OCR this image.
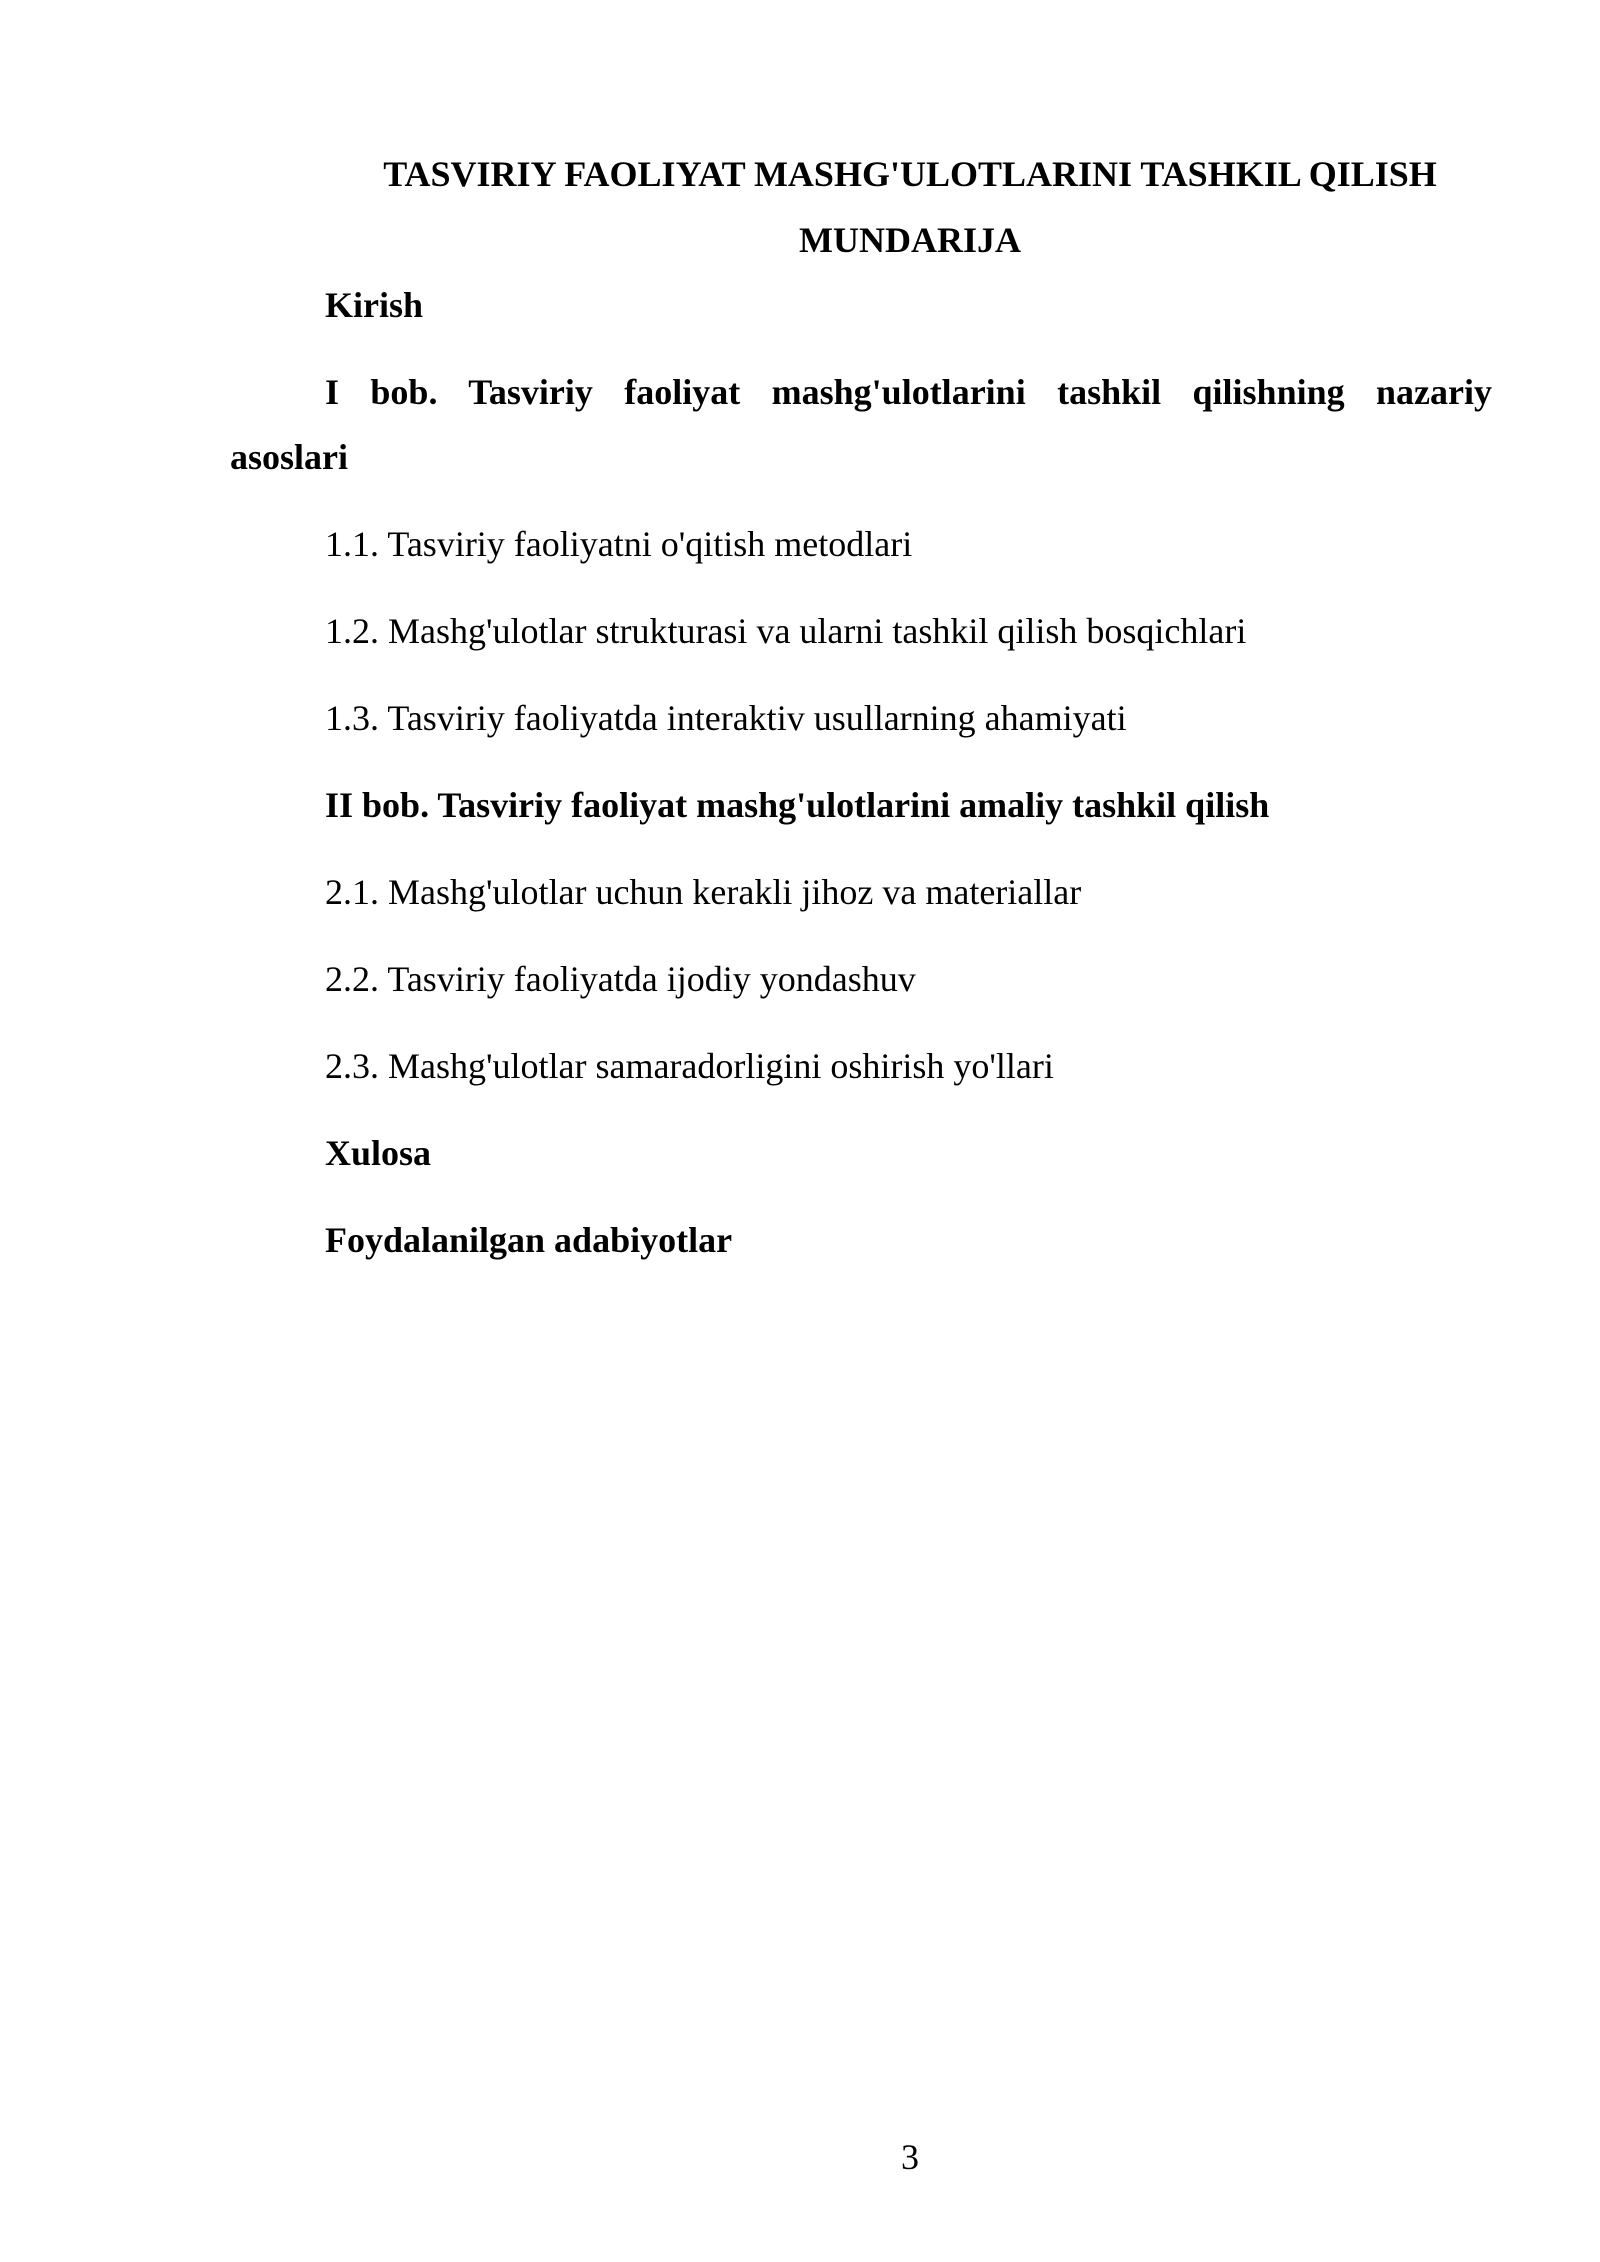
TASVIRIY FAOLIYAT MASHG'ULOTLARINI TASHKIL QILISH
MUNDARIJA
Kirish
I bob. Tasviriy faoliyat mashg'ulotlarini tashkil qilishning nazariy
asoslari
1.1. Tasviriy faoliyatni o'qitish metodlari
1.2. Mashg'ulotlar strukturasi va ularni tashkil qilish bosqichlari
1.3. Tasviriy faoliyatda interaktiv usullarning ahamiyati
II bob. Tasviriy faoliyat mashg'ulotlarini amaliy tashkil qilish
2.1. Mashg'ulotlar uchun kerakli jihoz va materiallar
2.2. Tasviriy faoliyatda ijodiy yondashuv
2.3. Mashg'ulotlar samaradorligini oshirish yo'llari
Xulosa
Foydalanilgan adabiyotlar
3
